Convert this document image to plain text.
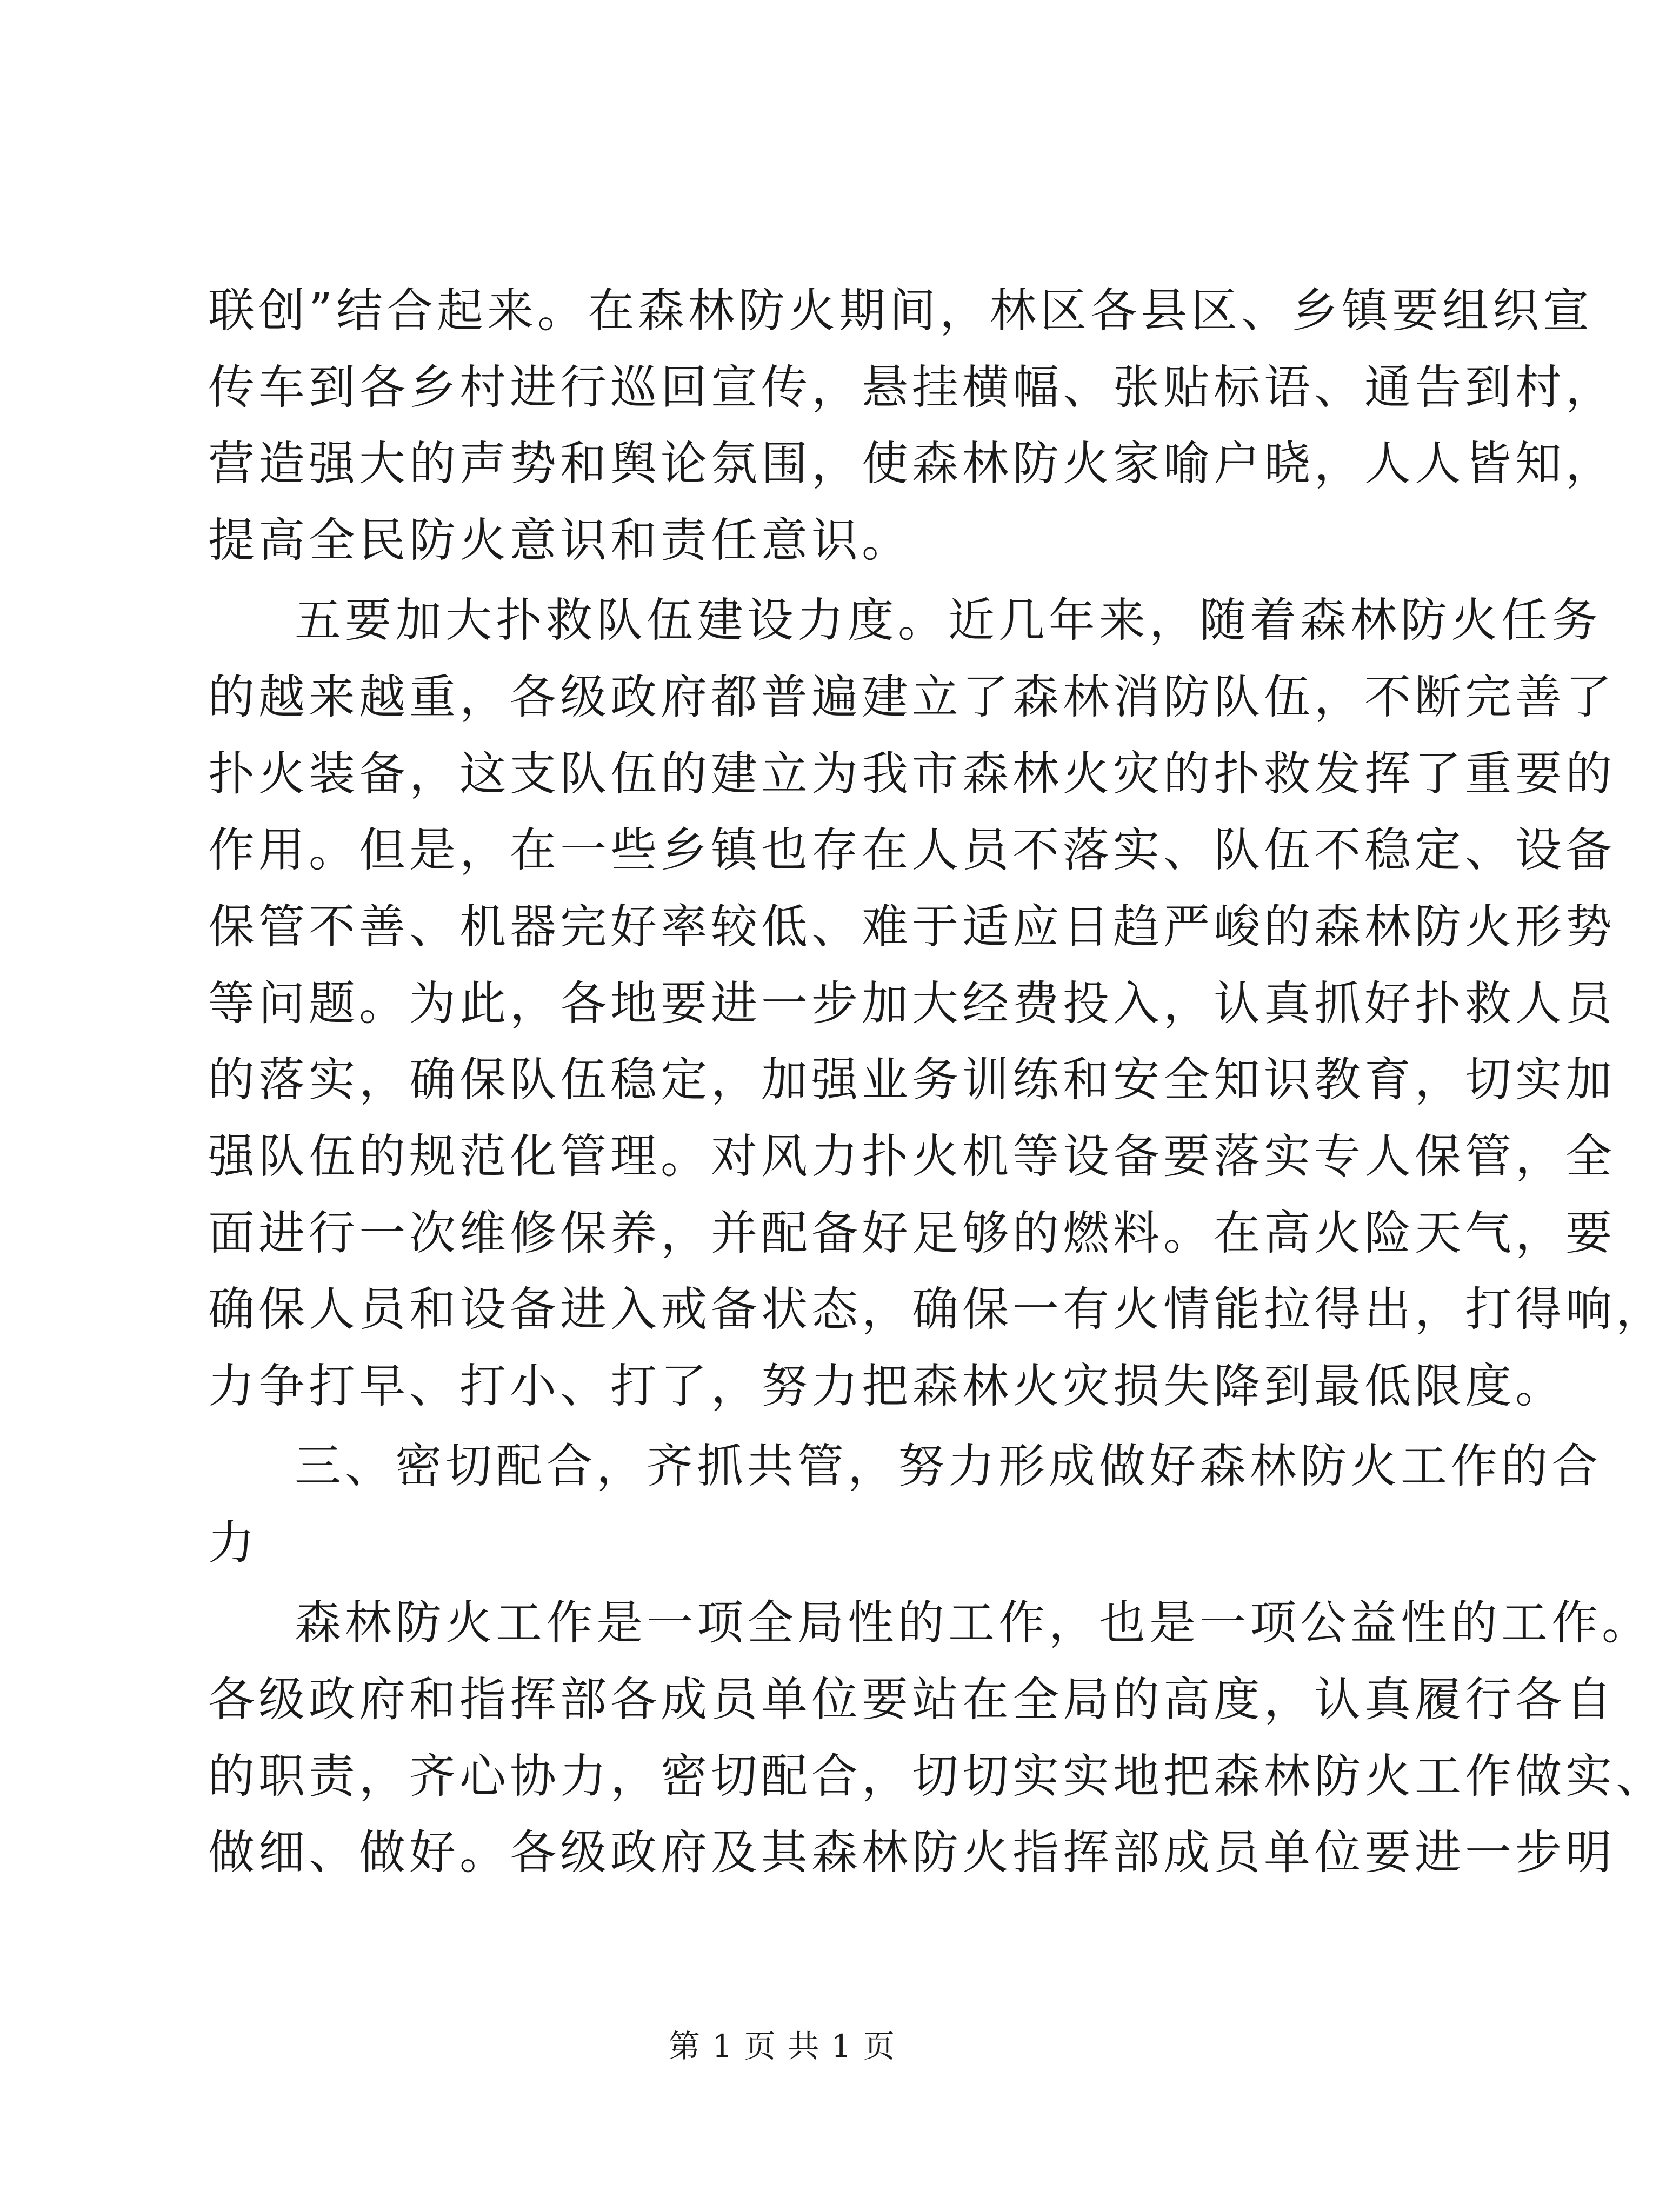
联创”结合起来。在森林防火期间，林区各县区、乡镇要组织宣
传车到各乡村进行巡回宣传，悬挂横幅、张贴标语、通告到村，
营造强大的声势和舆论氛围，使森林防火家喻户晓，人人皆知，
提高全民防火意识和责任意识。
五要加大扑救队伍建设力度。近几年来，随着森林防火任务
的越来越重，各级政府都普遍建立了森林消防队伍，不断完善了
扑火装备，这支队伍的建立为我市森林火灾的扑救发挥了重要的
作用。但是，在一些乡镇也存在人员不落实、队伍不稳定、设备
保管不善、机器完好率较低、难于适应日趋严峻的森林防火形势
等问题。为此，各地要进一步加大经费投入，认真抓好扑救人员
的落实，确保队伍稳定，加强业务训练和安全知识教育，切实加
强队伍的规范化管理。对风力扑火机等设备要落实专人保管，全
面进行一次维修保养，并配备好足够的燃料。在高火险天气，要
确保人员和设备进入戒备状态，确保一有火情能拉得出，打得响，
力争打早、打小、打了，努力把森林火灾损失降到最低限度。
三、密切配合，齐抓共管，努力形成做好森林防火工作的合
力
森林防火工作是一项全局性的工作，也是一项公益性的工作。
各级政府和指挥部各成员单位要站在全局的高度，认真履行各自
的职责，齐心协力，密切配合，切切实实地把森林防火工作做实、
做细、做好。各级政府及其森林防火指挥部成员单位要进一步明
第 1 页 共 1 页
